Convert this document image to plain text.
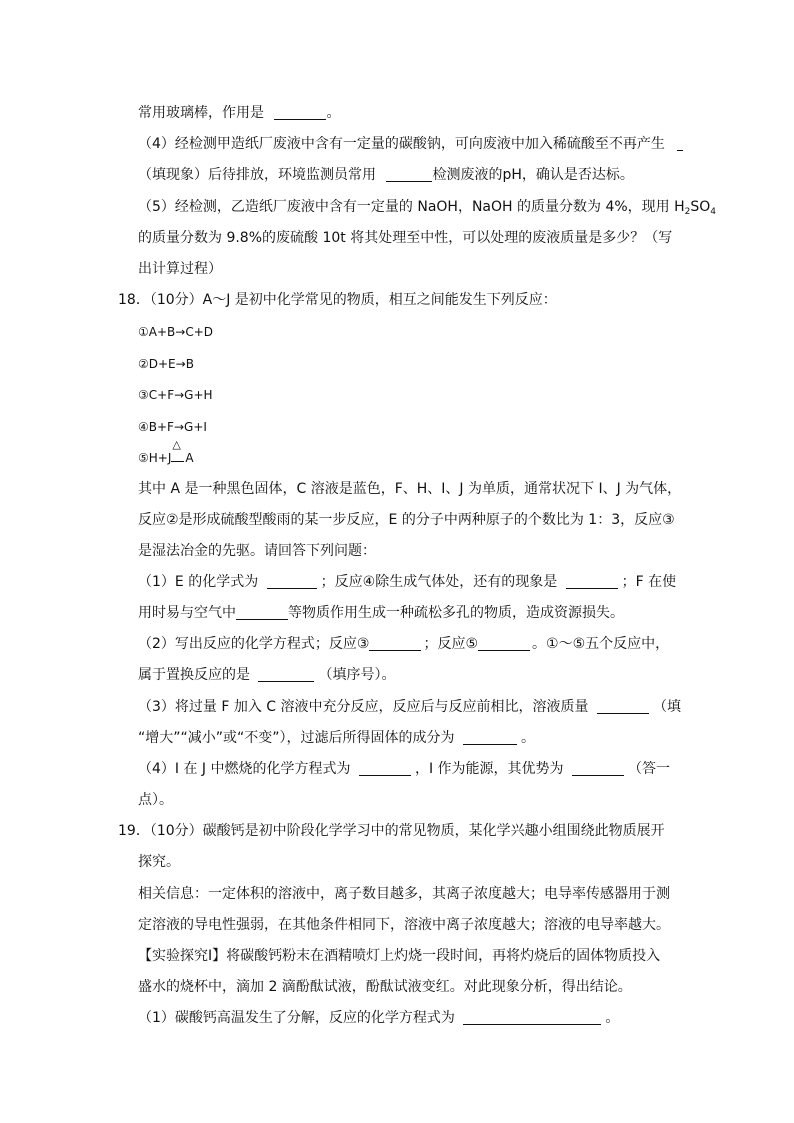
常用玻璃棒，作用是	。
（4）经检测甲造纸厂废液中含有一定量的碳酸钠，可向废液中加入稀硫酸至不再产生
（填现象）后待排放，环境监测员常用	检测废液的pH，确认是否达标。
（5）经检测，乙造纸厂废液中含有一定量的 NaOH，NaOH 的质量分数为 4%，现用 $H_2SO_4$
的质量分数为 9.8%的废硫酸 10t 将其处理至中性，可以处理的废液质量是多少？（写
出计算过程）
18．（10分）A～J 是初中化学常见的物质，相互之间能发生下列反应：
①A+B→C+D
②D+E→B
③C+F→G+H
④B+F→G+I
⑤H+J
△
A
其中 A 是一种黑色固体，C 溶液是蓝色，F、H、I、J 为单质，通常状况下 I、J 为气体，
反应②是形成硫酸型酸雨的某一步反应，E 的分子中两种原子的个数比为 1：3，反应③
是湿法冶金的先驱。请回答下列问题：
（1）E 的化学式为	；反应④除生成气体处，还有的现象是	；F 在使
用时易与空气中	等物质作用生成一种疏松多孔的物质，造成资源损失。
（2）写出反应的化学方程式；反应③	；反应⑤	。①～⑤五个反应中，
属于置换反应的是	（填序号）。
（3）将过量 F 加入 C 溶液中充分反应，反应后与反应前相比，溶液质量	（填
“增大”“减小”或“不变”），过滤后所得固体的成分为	。
（4）I 在 J 中燃烧的化学方程式为	，I 作为能源，其优势为	（答一
点）。
19．（10分）碳酸钙是初中阶段化学学习中的常见物质，某化学兴趣小组围绕此物质展开
探究。
相关信息：一定体积的溶液中，离子数目越多，其离子浓度越大；电导率传感器用于测
定溶液的导电性强弱，在其他条件相同下，溶液中离子浓度越大；溶液的电导率越大。
【实验探究Ⅰ】将碳酸钙粉末在酒精喷灯上灼烧一段时间，再将灼烧后的固体物质投入
盛水的烧杯中，滴加 2 滴酚酞试液，酚酞试液变红。对此现象分析，得出结论。
（1）碳酸钙高温发生了分解，反应的化学方程式为	。
